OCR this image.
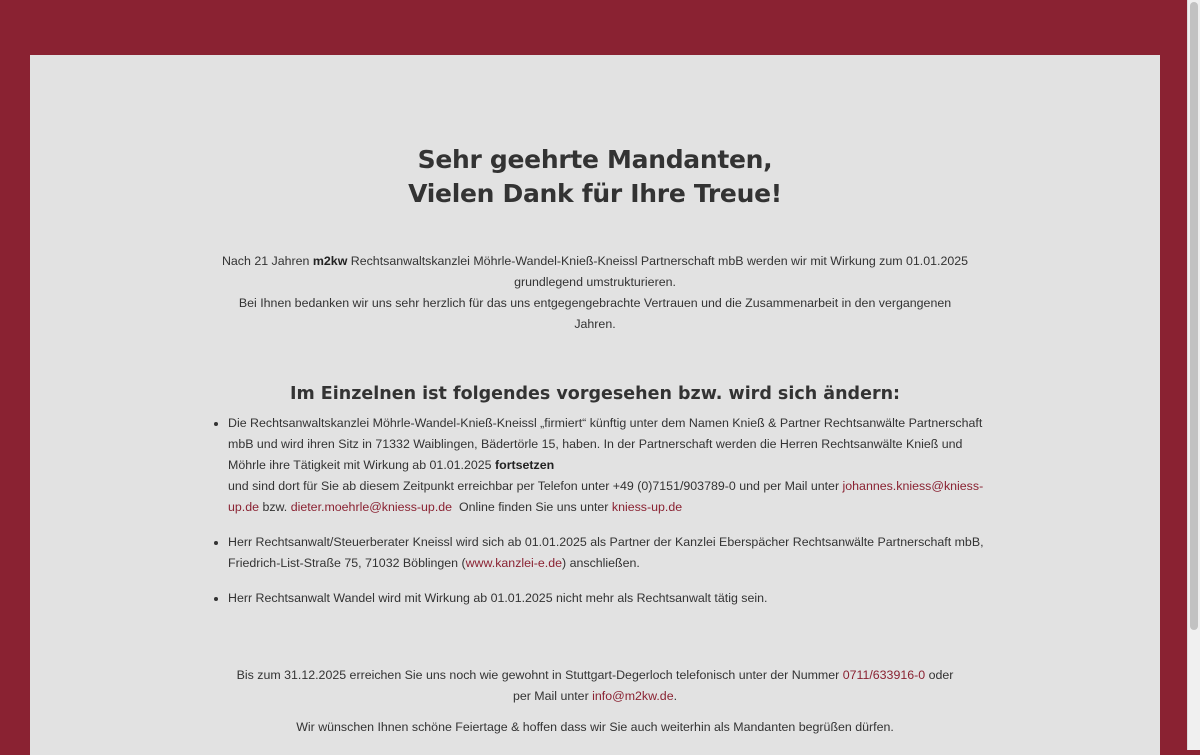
Sehr geehrte Mandanten,
Vielen Dank für Ihre Treue!

Nach 21 Jahren m2kw Rechtsanwaltskanzlei Möhrle-Wandel-Knieß-Kneissl Partnerschaft mbB werden wir mit Wirkung zum 01.01.2025 grundlegend umstrukturieren.

Bei Ihnen bedanken wir uns sehr herzlich für das uns entgegengebrachte Vertrauen und die Zusammenarbeit in den vergangenen Jahren.

Im Einzelnen ist folgendes vorgesehen bzw. wird sich ändern:
• Die Rechtsanwaltskanzlei Möhrle-Wandel-Knieß-Kneissl „firmiert“ künftig unter dem Namen Knieß & Partner Rechtsanwälte Partnerschaft mbB und wird ihren Sitz in 71332 Waiblingen, Bädertörle 15, haben. In der Partnerschaft werden die Herren Rechtsanwälte Knieß und Möhrle ihre Tätigkeit mit Wirkung ab 01.01.2025 fortsetzen
und sind dort für Sie ab diesem Zeitpunkt erreichbar per Telefon unter +49 (0)7151/903789-0 und per Mail unter johannes.kniess@kniess-up.de bzw. dieter.moehrle@kniess-up.de  Online finden Sie uns unter kniess-up.de
• Herr Rechtsanwalt/Steuerberater Kneissl wird sich ab 01.01.2025 als Partner der Kanzlei Eberspächer Rechtsanwälte Partnerschaft mbB, Friedrich-List-Straße 75, 71032 Böblingen (www.kanzlei-e.de) anschließen.
• Herr Rechtsanwalt Wandel wird mit Wirkung ab 01.01.2025 nicht mehr als Rechtsanwalt tätig sein.

Bis zum 31.12.2025 erreichen Sie uns noch wie gewohnt in Stuttgart-Degerloch telefonisch unter der Nummer 0711/633916-0 oder

per Mail unter info@m2kw.de.

Wir wünschen Ihnen schöne Feiertage & hoffen dass wir Sie auch weiterhin als Mandanten begrüßen dürfen.
